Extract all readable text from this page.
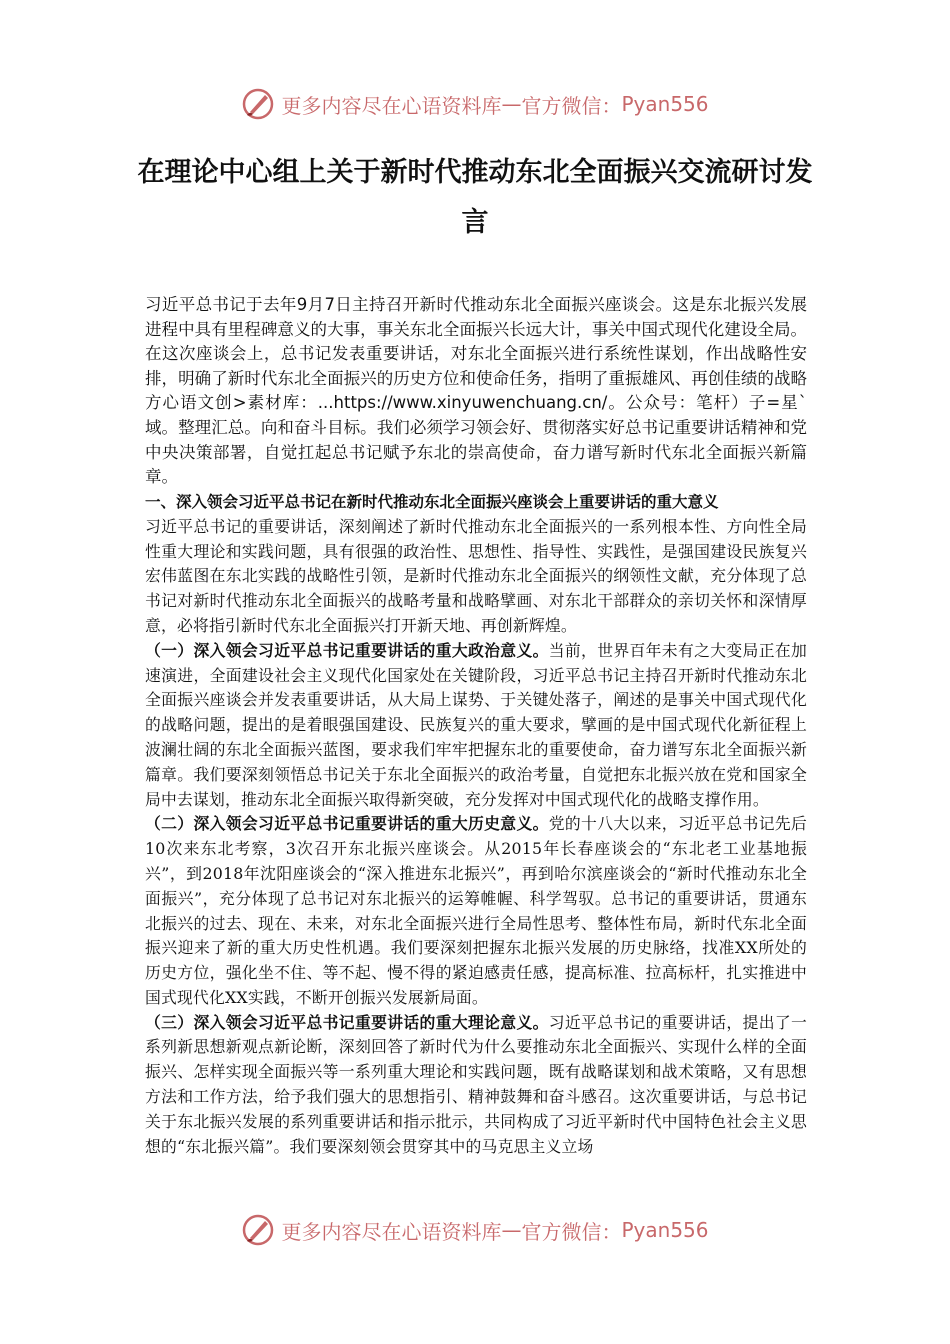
更多内容尽在心语资料库 — 官方微信： Pyan556
在理论中心组上关于新时代推动东北全面振兴交流研讨发言

习近平总书记于去年9月7日主持召开新时代推动东北全面振兴座谈会。这是东北振兴发展进程中具有里程碑意义的大事，事关东北全面振兴长远大计，事关中国式现代化建设全局。在这次座谈会上，总书记发表重要讲话，对东北全面振兴进行系统性谋划，作出战略性安排，明确了新时代东北全面振兴的历史方位和使命任务，指明了重振雄风、再创佳绩的战略方心语文创>素材库：...https://www.xinyuwenchuang.cn/。公众号：笔杆）子=星`域。整理汇总。向和奋斗目标。我们必须学习领会好、贯彻落实好总书记重要讲话精神和党中央决策部署，自觉扛起总书记赋予东北的崇高使命，奋力谱写新时代东北全面振兴新篇章。

一、深入领会习近平总书记在新时代推动东北全面振兴座谈会上重要讲话的重大意义

习近平总书记的重要讲话，深刻阐述了新时代推动东北全面振兴的一系列根本性、方向性全局性重大理论和实践问题，具有很强的政治性、思想性、指导性、实践性，是强国建设民族复兴宏伟蓝图在东北实践的战略性引领，是新时代推动东北全面振兴的纲领性文献，充分体现了总书记对新时代推动东北全面振兴的战略考量和战略擘画、对东北干部群众的亲切关怀和深情厚意，必将指引新时代东北全面振兴打开新天地、再创新辉煌。

（一）深入领会习近平总书记重要讲话的重大政治意义。当前，世界百年未有之大变局正在加速演进，全面建设社会主义现代化国家处在关键阶段，习近平总书记主持召开新时代推动东北全面振兴座谈会并发表重要讲话，从大局上谋势、于关键处落子，阐述的是事关中国式现代化的战略问题，提出的是着眼强国建设、民族复兴的重大要求，擘画的是中国式现代化新征程上波澜壮阔的东北全面振兴蓝图，要求我们牢牢把握东北的重要使命，奋力谱写东北全面振兴新篇章。我们要深刻领悟总书记关于东北全面振兴的政治考量，自觉把东北振兴放在党和国家全局中去谋划，推动东北全面振兴取得新突破，充分发挥对中国式现代化的战略支撑作用。

（二）深入领会习近平总书记重要讲话的重大历史意义。党的十八大以来，习近平总书记先后10次来东北考察，3次召开东北振兴座谈会。从2015年长春座谈会的“东北老工业基地振兴”，到2018年沈阳座谈会的“深入推进东北振兴”，再到哈尔滨座谈会的“新时代推动东北全面振兴”，充分体现了总书记对东北振兴的运筹帷幄、科学驾驭。总书记的重要讲话，贯通东北振兴的过去、现在、未来，对东北全面振兴进行全局性思考、整体性布局，新时代东北全面振兴迎来了新的重大历史性机遇。我们要深刻把握东北振兴发展的历史脉络，找准XX所处的历史方位，强化坐不住、等不起、慢不得的紧迫感责任感，提高标准、拉高标杆，扎实推进中国式现代化XX实践，不断开创振兴发展新局面。

（三）深入领会习近平总书记重要讲话的重大理论意义。习近平总书记的重要讲话，提出了一系列新思想新观点新论断，深刻回答了新时代为什么要推动东北全面振兴、实现什么样的全面振兴、怎样实现全面振兴等一系列重大理论和实践问题，既有战略谋划和战术策略，又有思想方法和工作方法，给予我们强大的思想指引、精神鼓舞和奋斗感召。这次重要讲话，与总书记关于东北振兴发展的系列重要讲话和指示批示，共同构成了习近平新时代中国特色社会主义思想的“东北振兴篇”。我们要深刻领会贯穿其中的马克思主义立场

更多内容尽在心语资料库 — 官方微信： Pyan556
